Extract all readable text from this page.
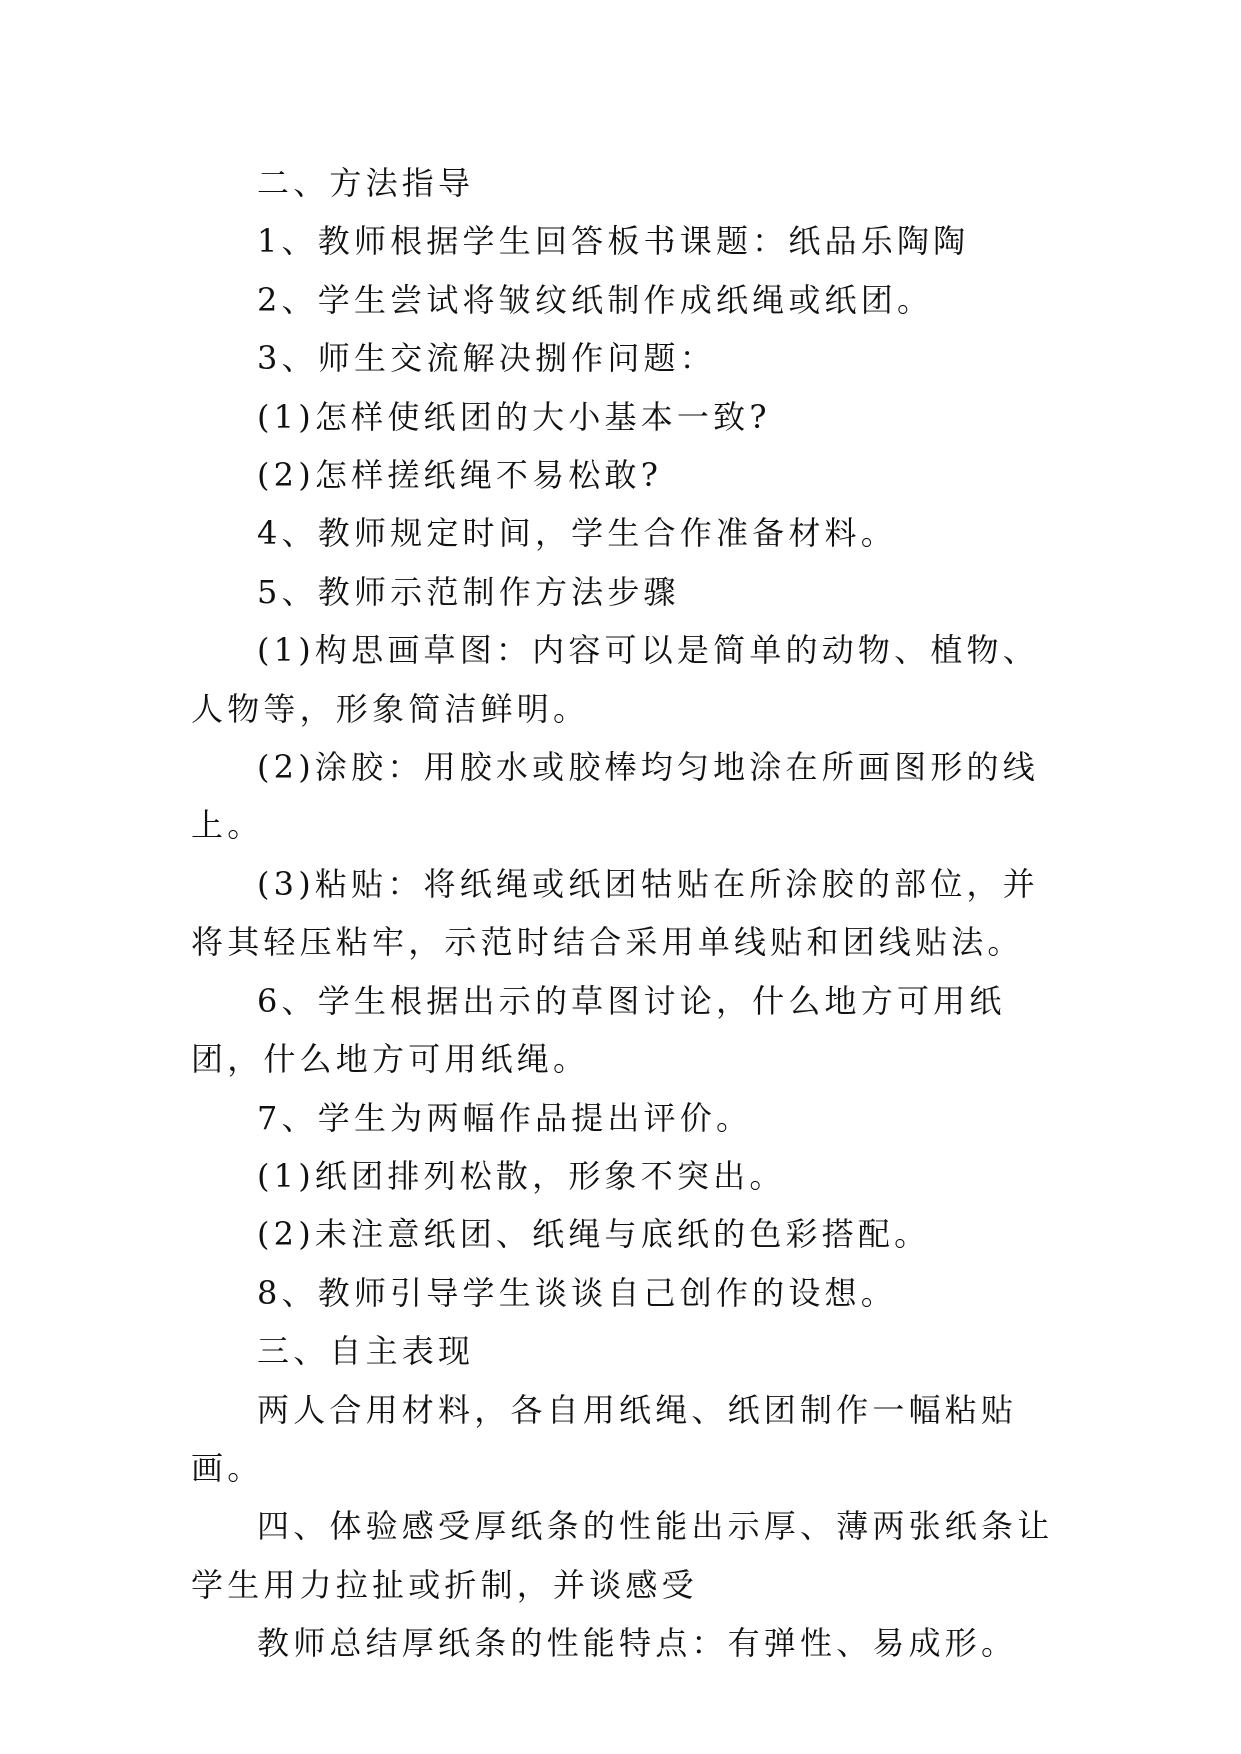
二、方法指导

1、教师根据学生回答板书课题：纸品乐陶陶

2、学生尝试将皱纹纸制作成纸绳或纸团。

3、师生交流解决捌作问题：

(1)怎样使纸团的大小基本一致?

(2)怎样搓纸绳不易松敢?

4、教师规定时间，学生合作准备材料。

5、教师示范制作方法步骤

(1)构思画草图：内容可以是简单的动物、植物、人物等，形象简洁鲜明。

(2)涂胶：用胶水或胶棒均匀地涂在所画图形的线上。

(3)粘贴：将纸绳或纸团牯贴在所涂胶的部位，并将其轻压粘牢，示范时结合采用单线贴和团线贴法。

6、学生根据出示的草图讨论，什么地方可用纸团，什么地方可用纸绳。

7、学生为两幅作品提出评价。

(1)纸团排列松散，形象不突出。

(2)未注意纸团、纸绳与底纸的色彩搭配。

8、教师引导学生谈谈自己创作的设想。

三、自主表现

两人合用材料，各自用纸绳、纸团制作一幅粘贴画。

四、体验感受厚纸条的性能出示厚、薄两张纸条让学生用力拉扯或折制，并谈感受

教师总结厚纸条的性能特点：有弹性、易成形。
